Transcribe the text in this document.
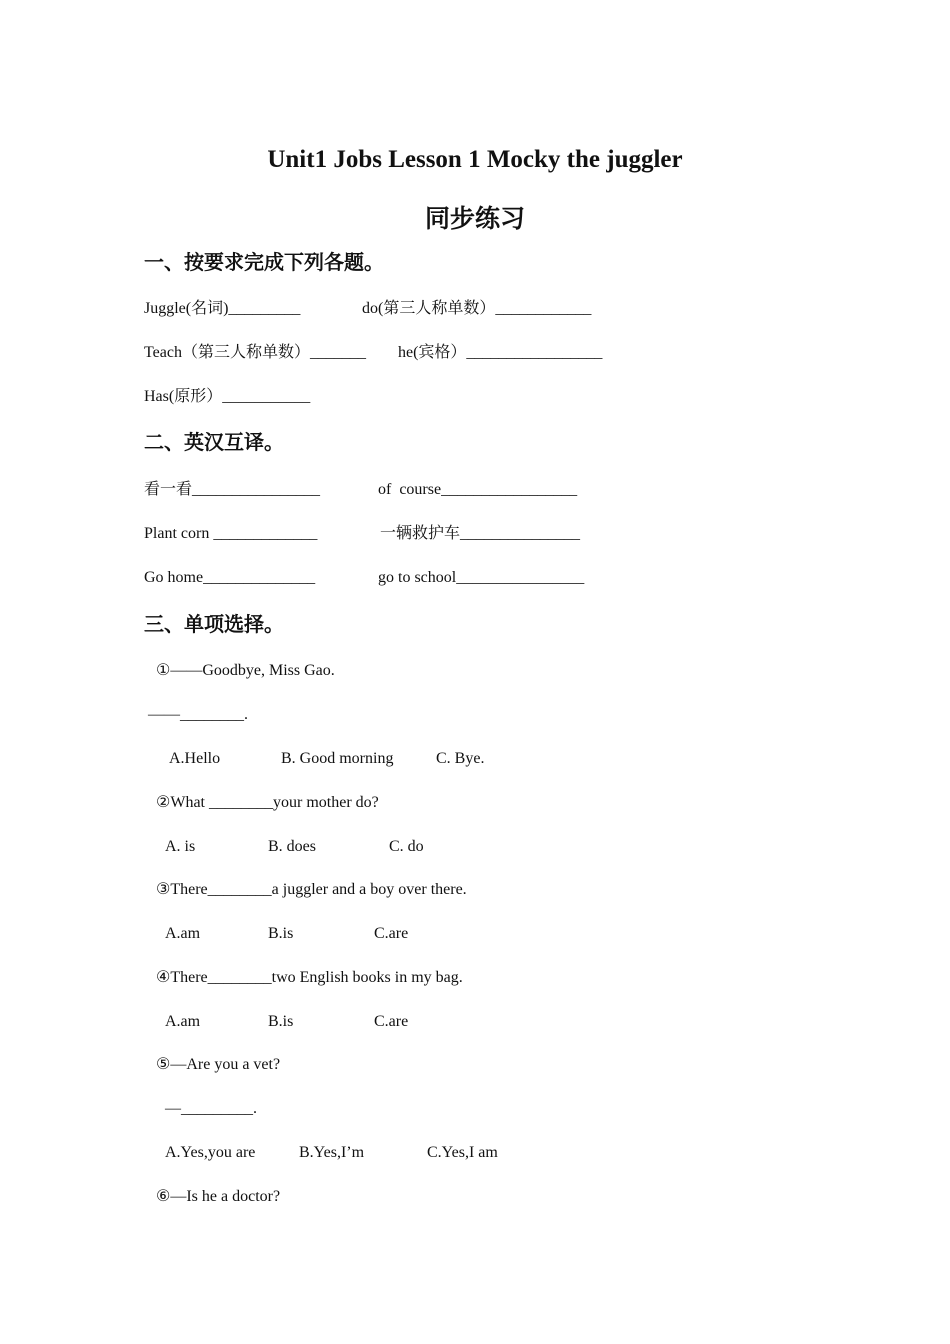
Unit1 Jobs Lesson 1 Mocky the juggler
同步练习
一、按要求完成下列各题。
Juggle(名词)_________	do(第三人称单数）____________
Teach（第三人称单数）_______ he(宾格）_________________
Has(原形）___________
二、英汉互译。
看一看________________	of  course_________________
Plant corn _____________	一辆救护车_______________
Go home______________	go to school________________
三、单项选择。
①——Goodbye, Miss Gao.
——________.
A.Hello	B. Good morning	C. Bye.
②What ________your mother do?
A. is	B. does	C. do
③There________a juggler and a boy over there.
A.am	B.is	C.are
④There________two English books in my bag.
A.am	B.is	C.are
⑤—Are you a vet?
—_________.
A.Yes,you are	B.Yes,I’m	C.Yes,I am
⑥—Is he a doctor?
